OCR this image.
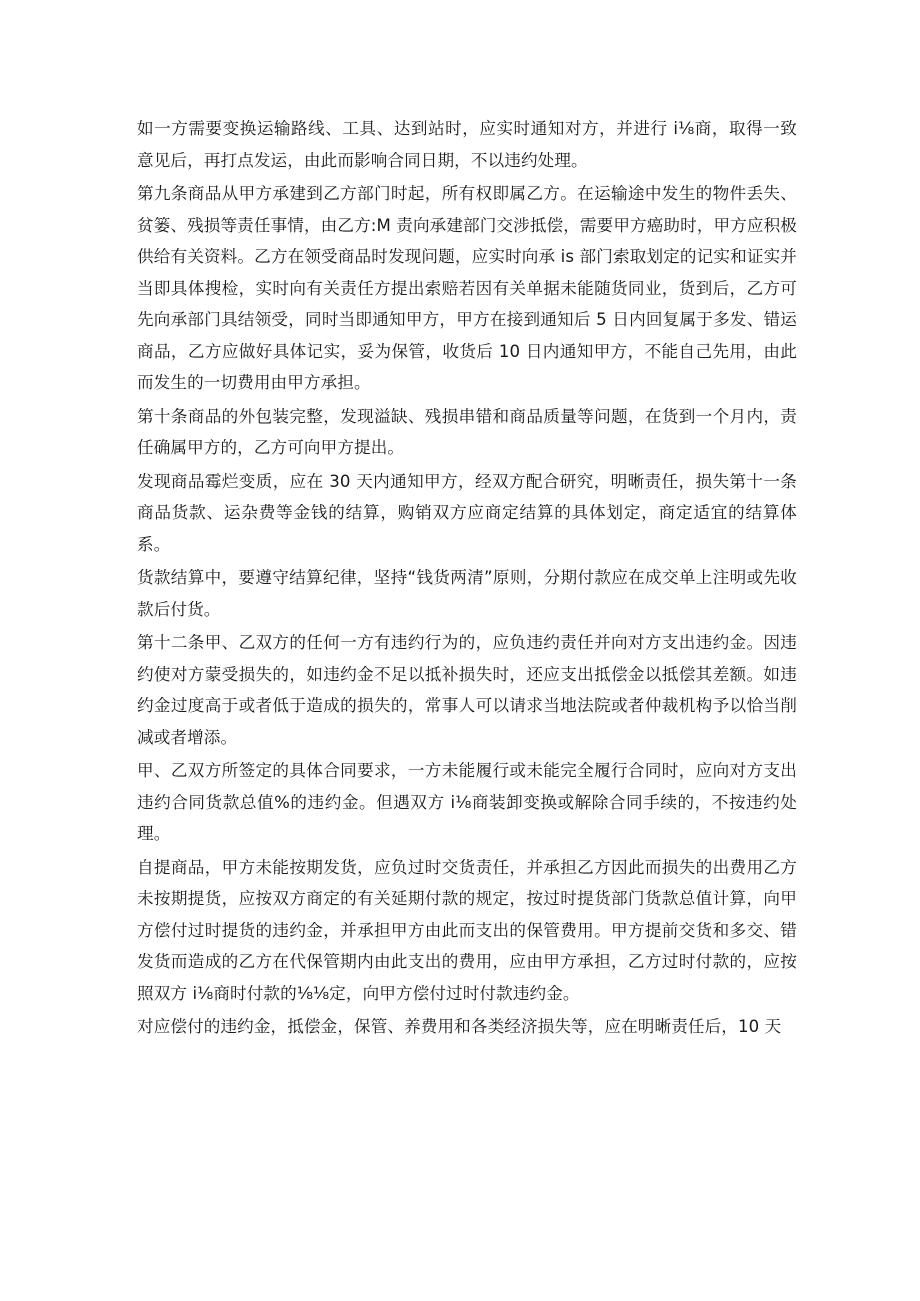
如一方需要变换运输路线、工具、达到站时，应实时通知对方，并进行 i⅛商，取得一致意见后，再打点发运，由此而影响合同日期，不以违约处理。

第九条商品从甲方承建到乙方部门时起，所有权即属乙方。在运输途中发生的物件丢失、贫篓、残损等责任事情，由乙方:M 责向承建部门交涉抵偿，需要甲方癌助时，甲方应积极供给有关资料。乙方在领受商品时发现问题，应实时向承 is 部门索取划定的记实和证实并当即具体搜检，实时向有关责任方提出索赔若因有关单据未能随货同业，货到后，乙方可先向承部门具结领受，同时当即通知甲方，甲方在接到通知后 5 日内回复属于多发、错运商品，乙方应做好具体记实，妥为保管，收货后 10 日内通知甲方，不能自己先用，由此而发生的一切费用由甲方承担。

第十条商品的外包装完整，发现溢缺、残损串错和商品质量等问题，在货到一个月内，责任确属甲方的，乙方可向甲方提出。

发现商品霉烂变质，应在 30 天内通知甲方，经双方配合研究，明晰责任，损失第十一条商品货款、运杂费等金钱的结算，购销双方应商定结算的具体划定，商定适宜的结算体系。

货款结算中，要遵守结算纪律，坚持“钱货两清”原则，分期付款应在成交单上注明或先收款后付货。

第十二条甲、乙双方的任何一方有违约行为的，应负违约责任并向对方支出违约金。因违约使对方蒙受损失的，如违约金不足以抵补损失时，还应支出抵偿金以抵偿其差额。如违约金过度高于或者低于造成的损失的，常事人可以请求当地法院或者仲裁机构予以恰当削减或者增添。

甲、乙双方所签定的具体合同要求，一方未能履行或未能完全履行合同时，应向对方支出违约合同货款总值%的违约金。但遇双方 i⅛商装卸变换或解除合同手续的，不按违约处理。

自提商品，甲方未能按期发货，应负过时交货责任，并承担乙方因此而损失的出费用乙方未按期提货，应按双方商定的有关延期付款的规定，按过时提货部门货款总值计算，向甲方偿付过时提货的违约金，并承担甲方由此而支出的保管费用。甲方提前交货和多交、错发货而造成的乙方在代保管期内由此支出的费用，应由甲方承担，乙方过时付款的，应按照双方 i⅛商时付款的⅛⅛定，向甲方偿付过时付款违约金。

对应偿付的违约金，抵偿金，保管、养费用和各类经济损失等，应在明晰责任后，10 天
